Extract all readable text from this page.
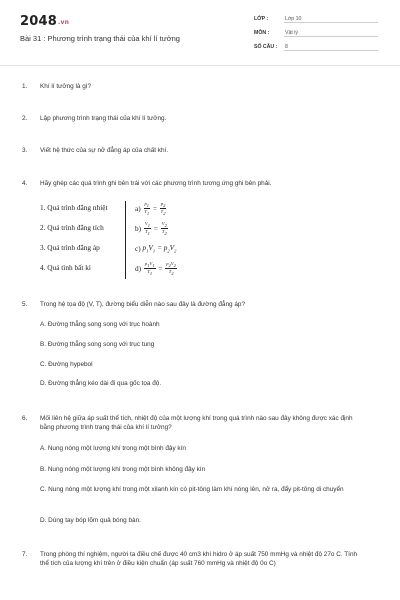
2048.vn
Bài 31 : Phương trình trạng thái của khí lí tưởng
LỚP :	Lớp 10
MÔN :	Vật lý
SỐ CÂU : 8
1. Khí lí tưởng là gì?
2. Lập phương trình trạng thái của khí lí tưởng.
3. Viết hệ thức của sự nở đẳng áp của chất khí.
4. Hãy ghép các quá trình ghi bên trái với các phương trình tương ứng ghi bên phải.
1. Quá trình đẳng nhiệt
2. Quá trình đẳng tích
3. Quá trình đẳng áp
4. Quá tình bất kì
a)
$\frac{p_1}{T_1} = \frac{p_2}{T_2}$
b)
$\frac{V_1}{T_1} = \frac{V_2}{T_2}$
c)
$p_1V_1 = p_2V_2$
d)
$\frac{p_1V_1}{T_1} = \frac{p_2V_2}{T_2}$
5. Trong hệ tọa độ (V, T), đường biểu diễn nào sau đây là đường đẳng áp?
A. Đường thẳng song song với trục hoành
B. Đường thẳng song song với trục tung
C. Đường hypebol
D. Đường thẳng kéo dài đi qua gốc tọa độ.
6. Mối liên hệ giữa áp suất thể tích, nhiệt độ của một lượng khí trong quá trình nào sau đây không được xác định bằng phương trình trạng thái của khí lí tưởng?
A. Nung nóng một lượng khí trong một bình đậy kín
B. Nung nóng một lượng khí trong một bình không đậy kín
C. Nung nóng một lượng khí trong một xilanh kín có pit-tông làm khí nóng lên, nở ra, đẩy pit-tông di chuyển
D. Dùng tay bóp lõm quả bóng bàn.
7. Trong phòng thí nghiệm, người ta điều chế được 40 cm3 khí hidro ở áp suất 750 mmHg và nhiệt độ 27o C. Tính thể tích của lượng khí trên ở điều kiện chuẩn (áp suất 760 mmHg và nhiệt độ 0o C)
